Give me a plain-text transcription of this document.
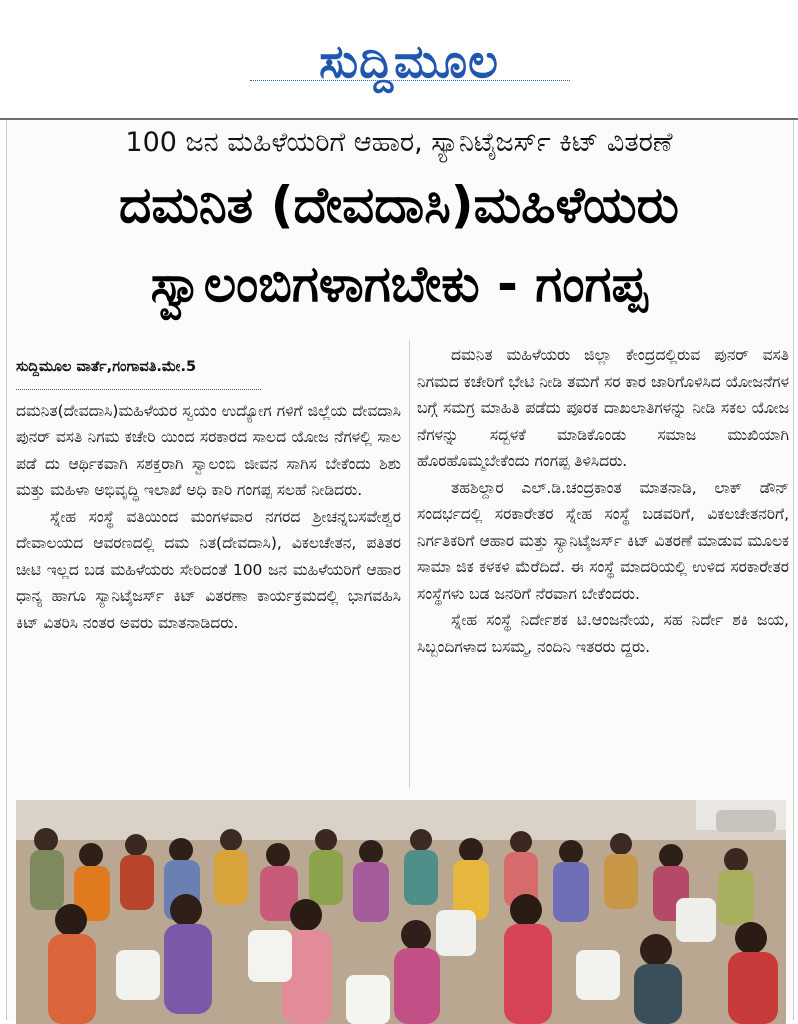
ಸುದ್ದಿಮೂಲ
100 ಜನ ಮಹಿಳೆಯರಿಗೆ ಆಹಾರ, ಸ್ಯಾನಿಟೈಜರ್ಸ್ ಕಿಟ್ ವಿತರಣೆ
ದಮನಿತ (ದೇವದಾಸಿ)ಮಹಿಳೆಯರು
ಸ್ವಾಲಂಬಿಗಳಾಗಬೇಕು - ಗಂಗಪ್ಪ
ಸುದ್ದಿಮೂಲ ವಾರ್ತೆ,ಗಂಗಾವತಿ.ಮೇ.5

ದಮನಿತ(ದೇವದಾಸಿ)ಮಹಿಳೆಯರ ಸ್ವಯಂ ಉದ್ಯೋಗ ಗಳಿಗೆ ಜಿಲ್ಲೆಯ ದೇವದಾಸಿ ಪುನರ್ ವಸತಿ ನಿಗಮ ಕಚೇರಿ ಯಿಂದ ಸರಕಾರದ ಸಾಲದ ಯೋಜ ನೆಗಳಲ್ಲಿ ಸಾಲ ಪಡೆ ದು ಆರ್ಥಿಕವಾಗಿ ಸಶಕ್ತರಾಗಿ ಸ್ವಾಲಂಬಿ ಜೀವನ ಸಾಗಿಸ ಬೇಕೆಂದು ಶಿಶು ಮತ್ತು ಮಹಿಳಾ ಅಭಿವೃದ್ಧಿ ಇಲಾಖೆ ಅಧಿ ಕಾರಿ ಗಂಗಪ್ಪ ಸಲಹೆ ನೀಡಿದರು.

ಸ್ನೇಹ ಸಂಸ್ಥೆ ವತಿಯಿಂದ ಮಂಗಳವಾರ ನಗರದ ಶ್ರೀಚನ್ನಬಸವೇಶ್ವರ ದೇವಾಲಯದ ಆವರಣದಲ್ಲಿ ದಮ ನಿತ(ದೇವದಾಸಿ), ವಿಕಲಚೇತನ, ಪತಿತರ ಚೀಟಿ ಇಲ್ಲದ ಬಡ ಮಹಿಳೆಯರು ಸೇರಿದಂತೆ 100 ಜನ ಮಹಿಳೆಯರಿಗೆ ಆಹಾರ ಧಾನ್ಯ ಹಾಗೂ ಸ್ಯಾನಿಟೈಜರ್ಸ್ ಕಿಟ್ ವಿತರಣಾ ಕಾರ್ಯಕ್ರಮದಲ್ಲಿ ಭಾಗವಹಿಸಿ ಕಿಟ್ ವಿತರಿಸಿ ನಂತರ ಅವರು ಮಾತನಾಡಿದರು.

ದಮನಿತ ಮಹಿಳೆಯರು ಜಿಲ್ಲಾ ಕೇಂದ್ರದಲ್ಲಿರುವ ಪುನರ್ ವಸತಿ ನಿಗಮದ ಕಚೇರಿಗೆ ಭೇಟಿ ನೀಡಿ ತಮಗೆ ಸರ ಕಾರ ಜಾರಿಗೊಳಿಸಿದ ಯೋಜನೆಗಳ ಬಗ್ಗೆ ಸಮಗ್ರ ಮಾಹಿತಿ ಪಡೆದು ಪೂರಕ ದಾಖಲಾತಿಗಳನ್ನು ನೀಡಿ ಸಕಲ ಯೋಜ ನೆಗಳನ್ನು ಸದ್ಬಳಕೆ ಮಾಡಿಕೊಂಡು ಸಮಾಜ ಮುಖಿಯಾಗಿ ಹೊರಹೊಮ್ಮಬೇಕೆಂದು ಗಂಗಪ್ಪ ತಿಳಿಸಿದರು.

ತಹಶಿಲ್ದಾರ ಎಲ್.ಡಿ.ಚಂದ್ರಕಾಂತ ಮಾತನಾಡಿ, ಲಾಕ್ ಡೌನ್ ಸಂದರ್ಭದಲ್ಲಿ ಸರಕಾರೇತರ ಸ್ನೇಹ ಸಂಸ್ಥೆ ಬಡವರಿಗೆ, ವಿಕಲಚೇತನರಿಗೆ, ನಿರ್ಗತಿಕರಿಗೆ ಆಹಾರ ಮತ್ತು ಸ್ಯಾನಿಟೈಜರ್ಸ್ ಕಿಟ್ ವಿತರಣೆ ಮಾಡುವ ಮೂಲಕ ಸಾಮಾ ಜಿಕ ಕಳಕಳಿ ಮೆರೆದಿದೆ. ಈ ಸಂಸ್ಥೆ ಮಾದರಿಯಲ್ಲಿ ಉಳಿದ ಸರಕಾರೇತರ ಸಂಸ್ಥೆಗಳು ಬಡ ಜನರಿಗೆ ನೆರವಾಗ ಬೇಕೆಂದರು.

ಸ್ನೇಹ ಸಂಸ್ಥೆ ನಿರ್ದೇಶಕ ಟಿ.ಆಂಜನೇಯ, ಸಹ ನಿರ್ದೇ ಶಕಿ ಜಯ, ಸಿಬ್ಬಂದಿಗಳಾದ ಬಸಮ್ಮ, ನಂದಿನಿ ಇತರರು ದ್ದರು.
